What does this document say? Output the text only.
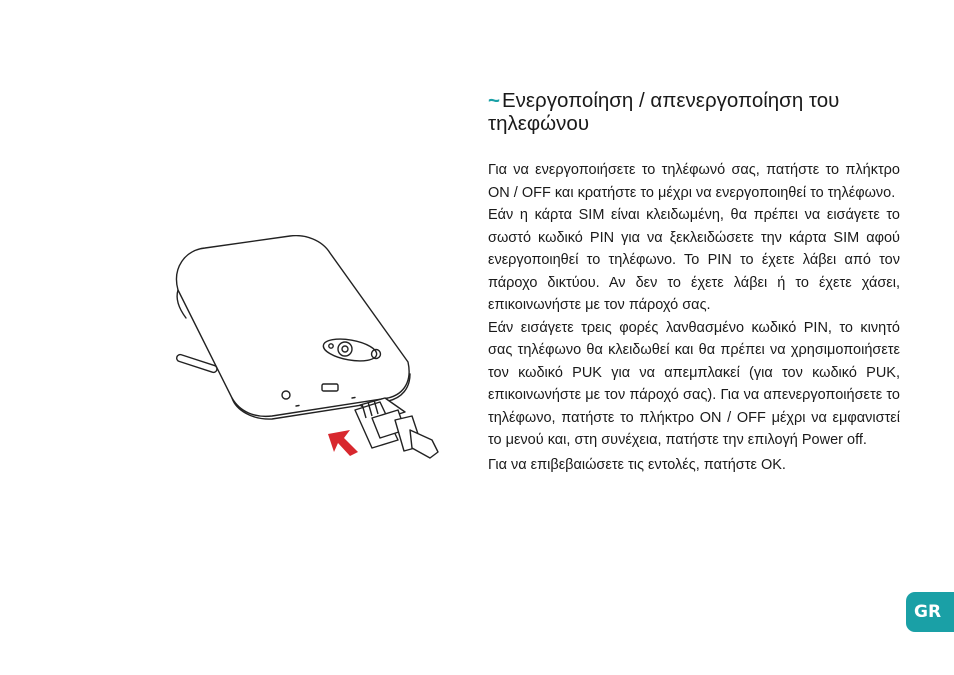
~Ενεργοποίηση / απενεργοποίηση του τηλεφώνου

Για να ενεργοποιήσετε το τηλέφωνό σας, πατήστε το πλήκτρο ON / OFF και κρατήστε το μέχρι να ενεργοποιηθεί το τηλέφωνο.

Εάν η κάρτα SIM είναι κλειδωμένη, θα πρέπει να εισάγετε το σωστό κωδικό PIN για να ξεκλειδώσετε την κάρτα SIM αφού ενεργοποιηθεί το τηλέφωνο. Το PIN το έχετε λάβει από τον πάροχο δικτύου. Αν δεν το έχετε λάβει ή το έχετε χάσει, επικοινωνήστε με τον πάροχό σας.

Εάν εισάγετε τρεις φορές λανθασμένο κωδικό PIN, το κινητό σας τηλέφωνο θα κλειδωθεί και θα πρέπει να χρησιμοποιήσετε τον κωδικό PUK για να απεμπλακεί (για τον κωδικό PUK, επικοινωνήστε με τον πάροχό σας). Για να απενεργοποιήσετε το τηλέφωνο, πατήστε το πλήκτρο ON / OFF μέχρι να εμφανιστεί το μενού και, στη συνέχεια, πατήστε την επιλογή Power off.

Για να επιβεβαιώσετε τις εντολές, πατήστε OK.

GR
